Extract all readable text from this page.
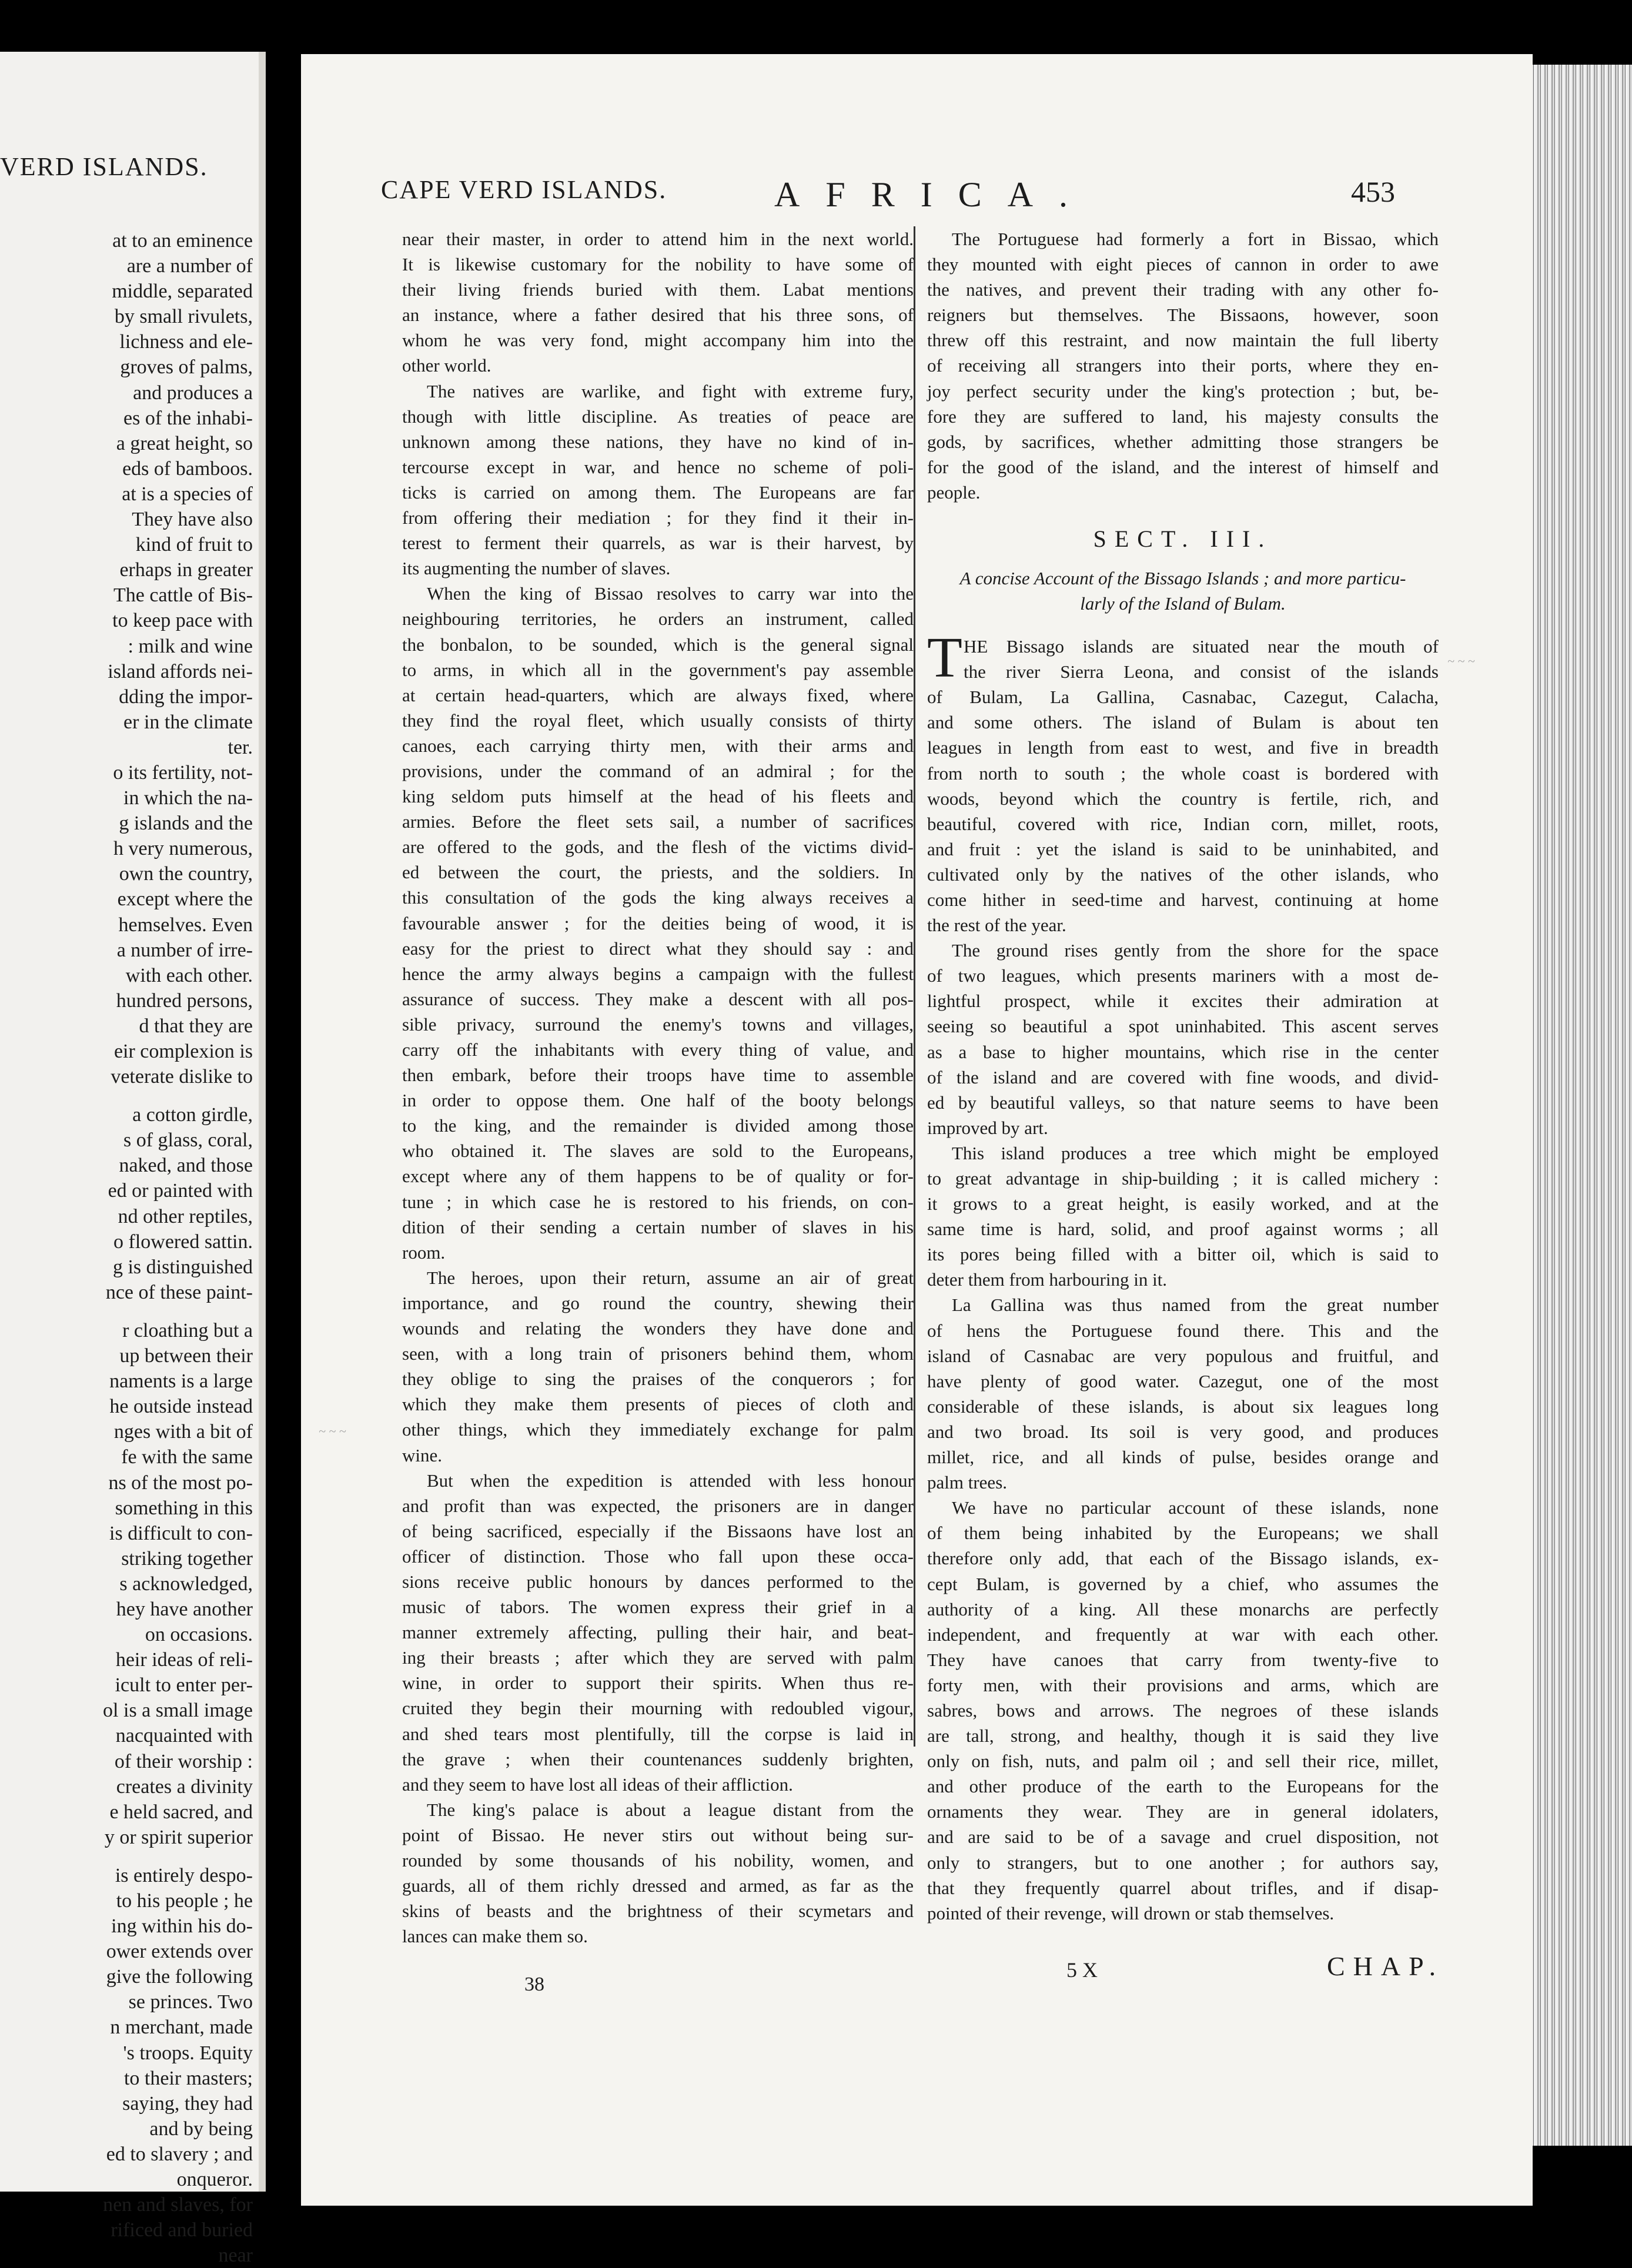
VERD ISLANDS.
at to an eminence
are a number of
middle, separated
by small rivulets,
lichness and ele-
groves of palms,
and produces a
es of the inhabi-
a great height, so
eds of bamboos.
at is a species of
They have also
kind of fruit to
erhaps in greater
The cattle of Bis-
to keep pace with
: milk and wine
island affords nei-
dding the impor-
er in the climate
ter.
o its fertility, not-
in which the na-
g islands and the
h very numerous,
own the country,
except where the
hemselves. Even
a number of irre-
with each other.
hundred persons,
d that they are
eir complexion is
veterate dislike to
a cotton girdle,
s of glass, coral,
naked, and those
ed or painted with
nd other reptiles,
o flowered sattin.
g is distinguished
nce of these paint-
r cloathing but a
up between their
naments is a large
he outside instead
nges with a bit of
fe with the same
ns of the most po-
something in this
is difficult to con-
striking together
s acknowledged,
hey have another
on occasions.
heir ideas of reli-
icult to enter per-
ol is a small image
nacquainted with
of their worship :
creates a divinity
e held sacred, and
y or spirit superior
is entirely despo-
to his people ; he
ing within his do-
ower extends over
give the following
se princes. Two
n merchant, made
's troops. Equity
to their masters;
saying, they had
and by being
ed to slavery ; and
onqueror.
nen and slaves, for
rificed and buried
near
CAPE VERD ISLANDS.	AFRICA.	453
near their master, in order to attend him in the next world.
It is likewise customary for the nobility to have some of
their living friends buried with them. Labat mentions
an instance, where a father desired that his three sons, of
whom he was very fond, might accompany him into the
other world.
The natives are warlike, and fight with extreme fury,
though with little discipline. As treaties of peace are
unknown among these nations, they have no kind of in-
tercourse except in war, and hence no scheme of poli-
ticks is carried on among them. The Europeans are far
from offering their mediation ; for they find it their in-
terest to ferment their quarrels, as war is their harvest, by
its augmenting the number of slaves.
When the king of Bissao resolves to carry war into the
neighbouring territories, he orders an instrument, called
the bonbalon, to be sounded, which is the general signal
to arms, in which all in the government's pay assemble
at certain head-quarters, which are always fixed, where
they find the royal fleet, which usually consists of thirty
canoes, each carrying thirty men, with their arms and
provisions, under the command of an admiral ; for the
king seldom puts himself at the head of his fleets and
armies. Before the fleet sets sail, a number of sacrifices
are offered to the gods, and the flesh of the victims divid-
ed between the court, the priests, and the soldiers. In
this consultation of the gods the king always receives a
favourable answer ; for the deities being of wood, it is
easy for the priest to direct what they should say : and
hence the army always begins a campaign with the fullest
assurance of success. They make a descent with all pos-
sible privacy, surround the enemy's towns and villages,
carry off the inhabitants with every thing of value, and
then embark, before their troops have time to assemble
in order to oppose them. One half of the booty belongs
to the king, and the remainder is divided among those
who obtained it. The slaves are sold to the Europeans,
except where any of them happens to be of quality or for-
tune ; in which case he is restored to his friends, on con-
dition of their sending a certain number of slaves in his
room.
The heroes, upon their return, assume an air of great
importance, and go round the country, shewing their
wounds and relating the wonders they have done and
seen, with a long train of prisoners behind them, whom
they oblige to sing the praises of the conquerors ; for
which they make them presents of pieces of cloth and
other things, which they immediately exchange for palm
wine.
But when the expedition is attended with less honour
and profit than was expected, the prisoners are in danger
of being sacrificed, especially if the Bissaons have lost an
officer of distinction. Those who fall upon these occa-
sions receive public honours by dances performed to the
music of tabors. The women express their grief in a
manner extremely affecting, pulling their hair, and beat-
ing their breasts ; after which they are served with palm
wine, in order to support their spirits. When thus re-
cruited they begin their mourning with redoubled vigour,
and shed tears most plentifully, till the corpse is laid in
the grave ; when their countenances suddenly brighten,
and they seem to have lost all ideas of their affliction.
The king's palace is about a league distant from the
point of Bissao. He never stirs out without being sur-
rounded by some thousands of his nobility, women, and
guards, all of them richly dressed and armed, as far as the
skins of beasts and the brightness of their scymetars and
lances can make them so.
The Portuguese had formerly a fort in Bissao, which
they mounted with eight pieces of cannon in order to awe
the natives, and prevent their trading with any other fo-
reigners but themselves. The Bissaons, however, soon
threw off this restraint, and now maintain the full liberty
of receiving all strangers into their ports, where they en-
joy perfect security under the king's protection ; but, be-
fore they are suffered to land, his majesty consults the
gods, by sacrifices, whether admitting those strangers be
for the good of the island, and the interest of himself and
people.
SECT. III.
A concise Account of the Bissago Islands ; and more particu-
larly of the Island of Bulam.
T HE Bissago islands are situated near the mouth of
the river Sierra Leona, and consist of the islands
of Bulam, La Gallina, Casnabac, Cazegut, Calacha,
and some others. The island of Bulam is about ten
leagues in length from east to west, and five in breadth
from north to south ; the whole coast is bordered with
woods, beyond which the country is fertile, rich, and
beautiful, covered with rice, Indian corn, millet, roots,
and fruit : yet the island is said to be uninhabited, and
cultivated only by the natives of the other islands, who
come hither in seed-time and harvest, continuing at home
the rest of the year.
The ground rises gently from the shore for the space
of two leagues, which presents mariners with a most de-
lightful prospect, while it excites their admiration at
seeing so beautiful a spot uninhabited. This ascent serves
as a base to higher mountains, which rise in the center
of the island and are covered with fine woods, and divid-
ed by beautiful valleys, so that nature seems to have been
improved by art.
This island produces a tree which might be employed
to great advantage in ship-building ; it is called michery :
it grows to a great height, is easily worked, and at the
same time is hard, solid, and proof against worms ; all
its pores being filled with a bitter oil, which is said to
deter them from harbouring in it.
La Gallina was thus named from the great number
of hens the Portuguese found there. This and the
island of Casnabac are very populous and fruitful, and
have plenty of good water. Cazegut, one of the most
considerable of these islands, is about six leagues long
and two broad. Its soil is very good, and produces
millet, rice, and all kinds of pulse, besides orange and
palm trees.
We have no particular account of these islands, none
of them being inhabited by the Europeans; we shall
therefore only add, that each of the Bissago islands, ex-
cept Bulam, is governed by a chief, who assumes the
authority of a king. All these monarchs are perfectly
independent, and frequently at war with each other.
They have canoes that carry from twenty-five to
forty men, with their provisions and arms, which are
sabres, bows and arrows. The negroes of these islands
are tall, strong, and healthy, though it is said they live
only on fish, nuts, and palm oil ; and sell their rice, millet,
and other produce of the earth to the Europeans for the
ornaments they wear. They are in general idolaters,
and are said to be of a savage and cruel disposition, not
only to strangers, but to one another ; for authors say,
that they frequently quarrel about trifles, and if disap-
pointed of their revenge, will drown or stab themselves.
38
5 X	CHAP.
~ ~ ~
~ ~ ~
